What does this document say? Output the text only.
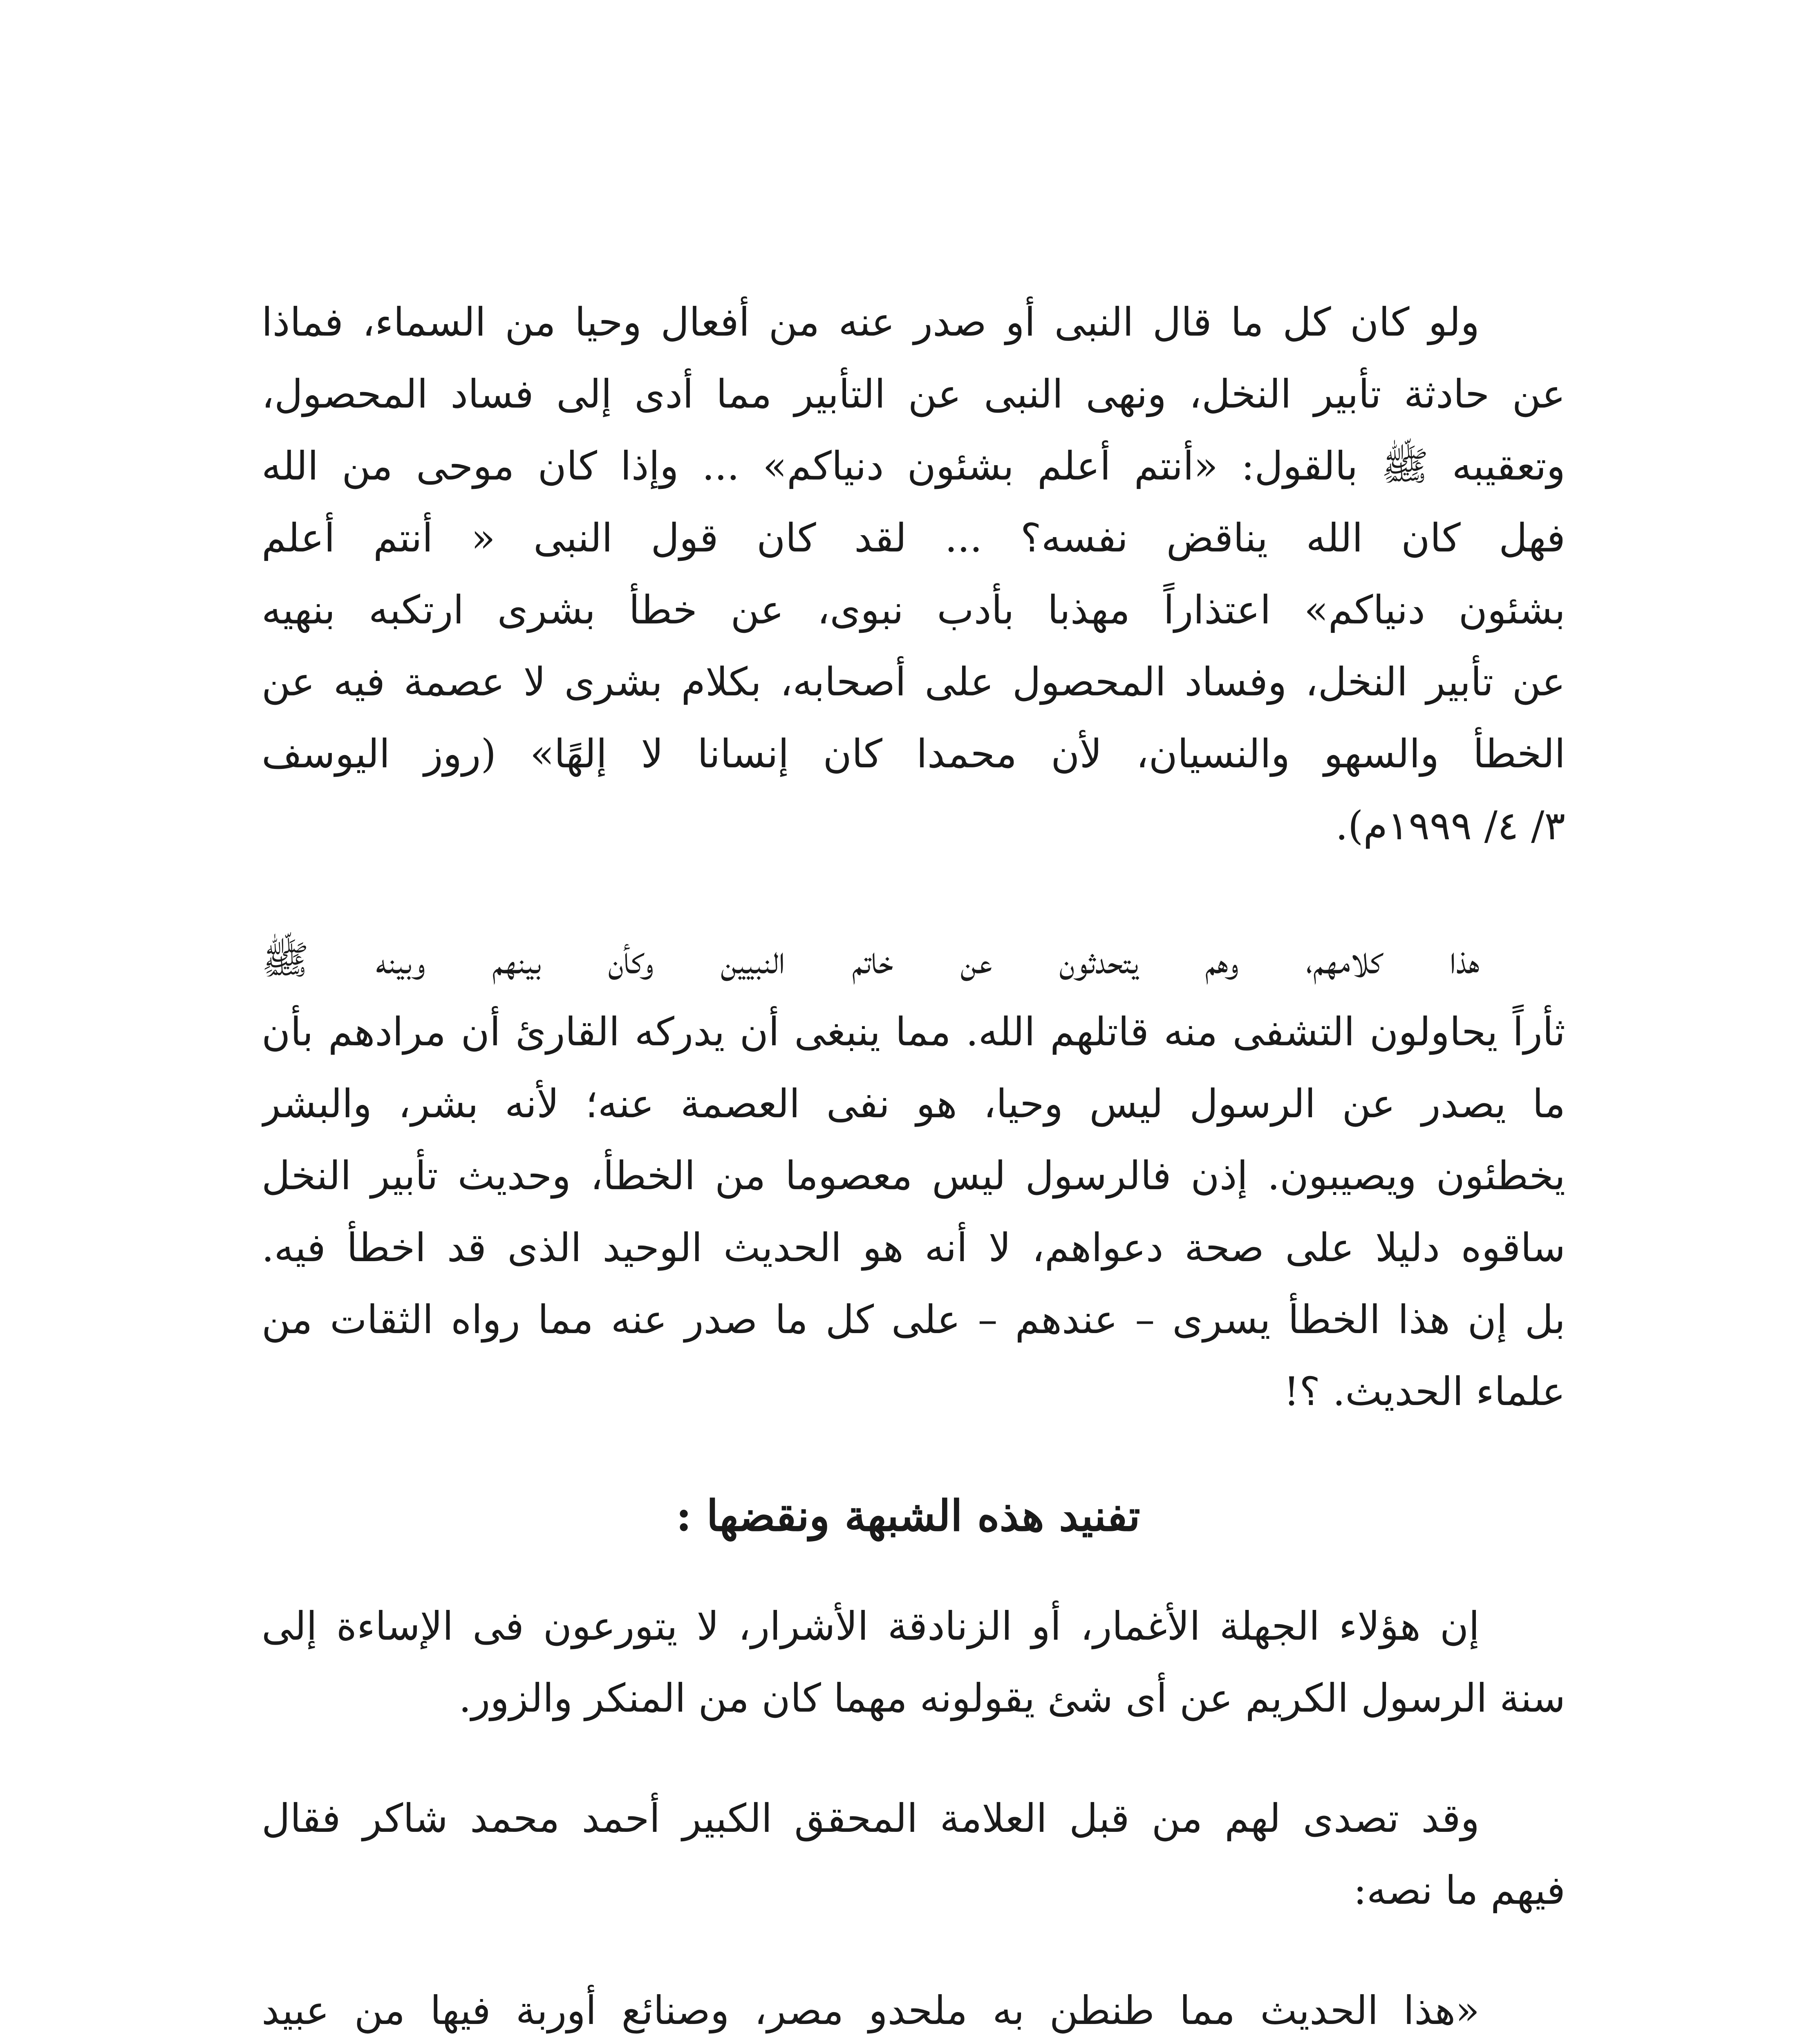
ولو كان كل ما قال النبى أو صدر عنه من أفعال وحيا من السماء، فماذا
عن حادثة تأبير النخل، ونهى النبى عن التأبير مما أدى إلى فساد المحصول،
وتعقيبه ﷺ بالقول: «أنتم أعلم بشئون دنياكم» ... وإذا كان موحى من الله
فهل كان الله يناقض نفسه؟ ... لقد كان قول النبى « أنتم أعلم
بشئون دنياكم» اعتذاراً مهذبا بأدب نبوى، عن خطأ بشرى ارتكبه بنهيه
عن تأبير النخل، وفساد المحصول على أصحابه، بكلام بشرى لا عصمة فيه عن
الخطأ والسهو والنسيان، لأن محمدا كان إنسانا لا إلهًا» (روز اليوسف
٣/ ٤/ ١٩٩٩م).
هذا كلامهم، وهم يتحدثون عن خاتم النبيين وكأن بينهم وبينه ﷺ
ثأراً يحاولون التشفى منه قاتلهم الله. مما ينبغى أن يدركه القارئ أن مرادهم بأن
ما يصدر عن الرسول ليس وحيا، هو نفى العصمة عنه؛ لأنه بشر، والبشر
يخطئون ويصيبون. إذن فالرسول ليس معصوما من الخطأ، وحديث تأبير النخل
ساقوه دليلا على صحة دعواهم، لا أنه هو الحديث الوحيد الذى قد اخطأ فيه.
بل إن هذا الخطأ يسرى – عندهم – على كل ما صدر عنه مما رواه الثقات من
علماء الحديث. ؟!
تفنيد هذه الشبهة ونقضها :
إن هؤلاء الجهلة الأغمار، أو الزنادقة الأشرار، لا يتورعون فى الإساءة إلى
سنة الرسول الكريم عن أى شئ يقولونه مهما كان من المنكر والزور.
وقد تصدى لهم من قبل العلامة المحقق الكبير أحمد محمد شاكر فقال
فيهم ما نصه:
«هذا الحديث مما طنطن به ملحدو مصر، وصنائع أوربة فيها من عبيد
